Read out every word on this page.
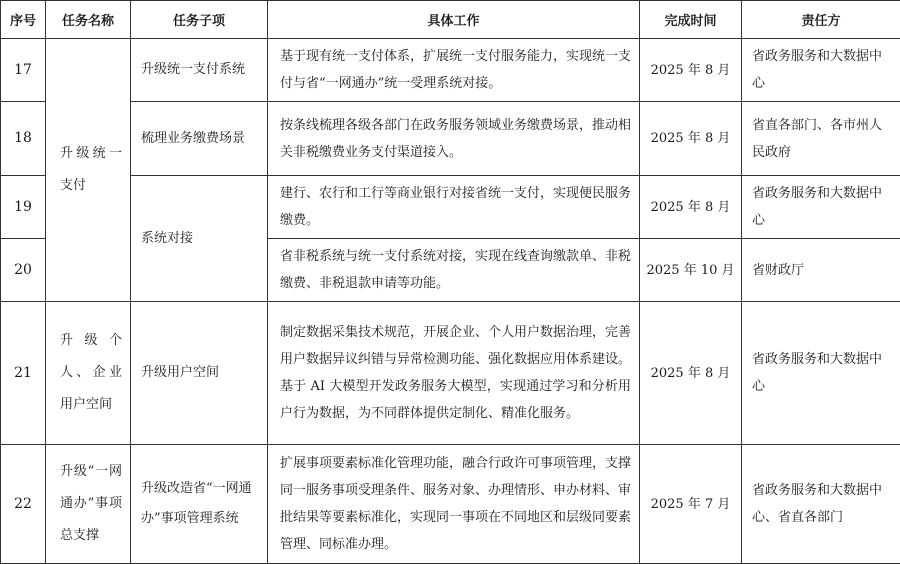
序号	任务名称	任务子项	具体工作	完成时间	责任方
17	升级统一支付	升级统一支付系统	基于现有统一支付体系，扩展统一支付服务能力，实现统一支付与省“一网通办”统一受理系统对接。	2025 年 8 月	省政务服务和大数据中心
18		梳理业务缴费场景	按条线梳理各级各部门在政务服务领域业务缴费场景，推动相关非税缴费业务支付渠道接入。	2025 年 8 月	省直各部门、各市州人民政府
19		系统对接	建行、农行和工行等商业银行对接省统一支付，实现便民服务缴费。	2025 年 8 月	省政务服务和大数据中心
20			省非税系统与统一支付系统对接，实现在线查询缴款单、非税缴费、非税退款申请等功能。	2025 年 10 月	省财政厅
21	升 级 个 人、企业用户空间	升级用户空间	制定数据采集技术规范，开展企业、个人用户数据治理，完善用户数据异议纠错与异常检测功能、强化数据应用体系建设。基于 AI 大模型开发政务服务大模型，实现通过学习和分析用户行为数据，为不同群体提供定制化、精准化服务。	2025 年 8 月	省政务服务和大数据中心
22	升级“一网通办”事项总支撑	升级改造省“一网通办”事项管理系统	扩展事项要素标准化管理功能，融合行政许可事项管理，支撑同一服务事项受理条件、服务对象、办理情形、申办材料、审批结果等要素标准化，实现同一事项在不同地区和层级同要素管理、同标准办理。	2025 年 7 月	省政务服务和大数据中心、省直各部门
